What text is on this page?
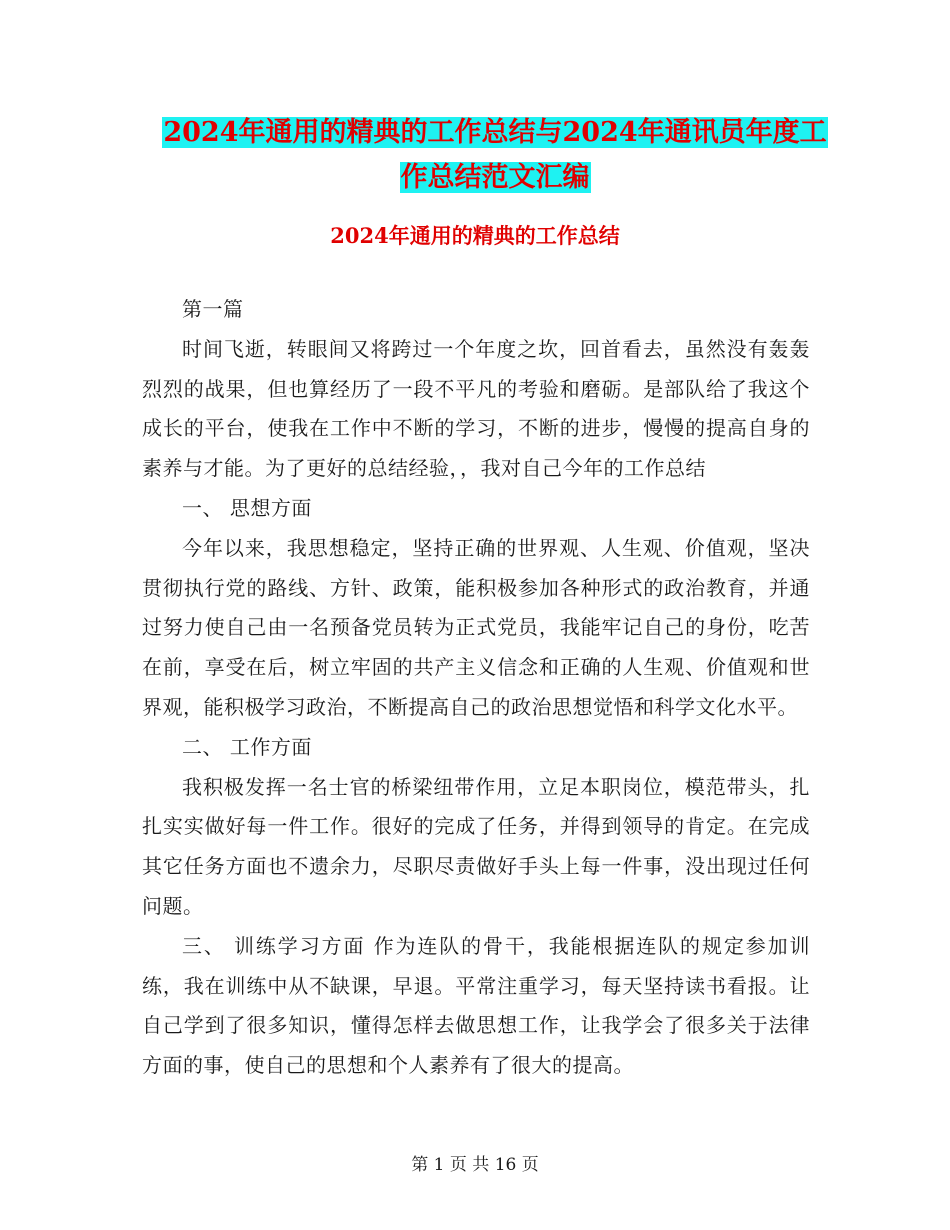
2024年通用的精典的工作总结与2024年通讯员年度工
作总结范文汇编
2024年通用的精典的工作总结

第一篇

时间飞逝，转眼间又将跨过一个年度之坎，回首看去，虽然没有轰轰烈烈的战果，但也算经历了一段不平凡的考验和磨砺。是部队给了我这个成长的平台，使我在工作中不断的学习，不断的进步，慢慢的提高自身的素养与才能。为了更好的总结经验，，我对自己今年的工作总结

一、 思想方面

今年以来，我思想稳定，坚持正确的世界观、人生观、价值观，坚决贯彻执行党的路线、方针、政策，能积极参加各种形式的政治教育，并通过努力使自己由一名预备党员转为正式党员，我能牢记自己的身份，吃苦在前，享受在后，树立牢固的共产主义信念和正确的人生观、价值观和世界观，能积极学习政治，不断提高自己的政治思想觉悟和科学文化水平。

二、 工作方面

我积极发挥一名士官的桥梁纽带作用，立足本职岗位，模范带头，扎扎实实做好每一件工作。很好的完成了任务，并得到领导的肯定。在完成其它任务方面也不遗余力，尽职尽责做好手头上每一件事，没出现过任何问题。

三、 训练学习方面 作为连队的骨干，我能根据连队的规定参加训练，我在训练中从不缺课，早退。平常注重学习，每天坚持读书看报。让自己学到了很多知识，懂得怎样去做思想工作，让我学会了很多关于法律方面的事，使自己的思想和个人素养有了很大的提高。

第 1 页 共 16 页
